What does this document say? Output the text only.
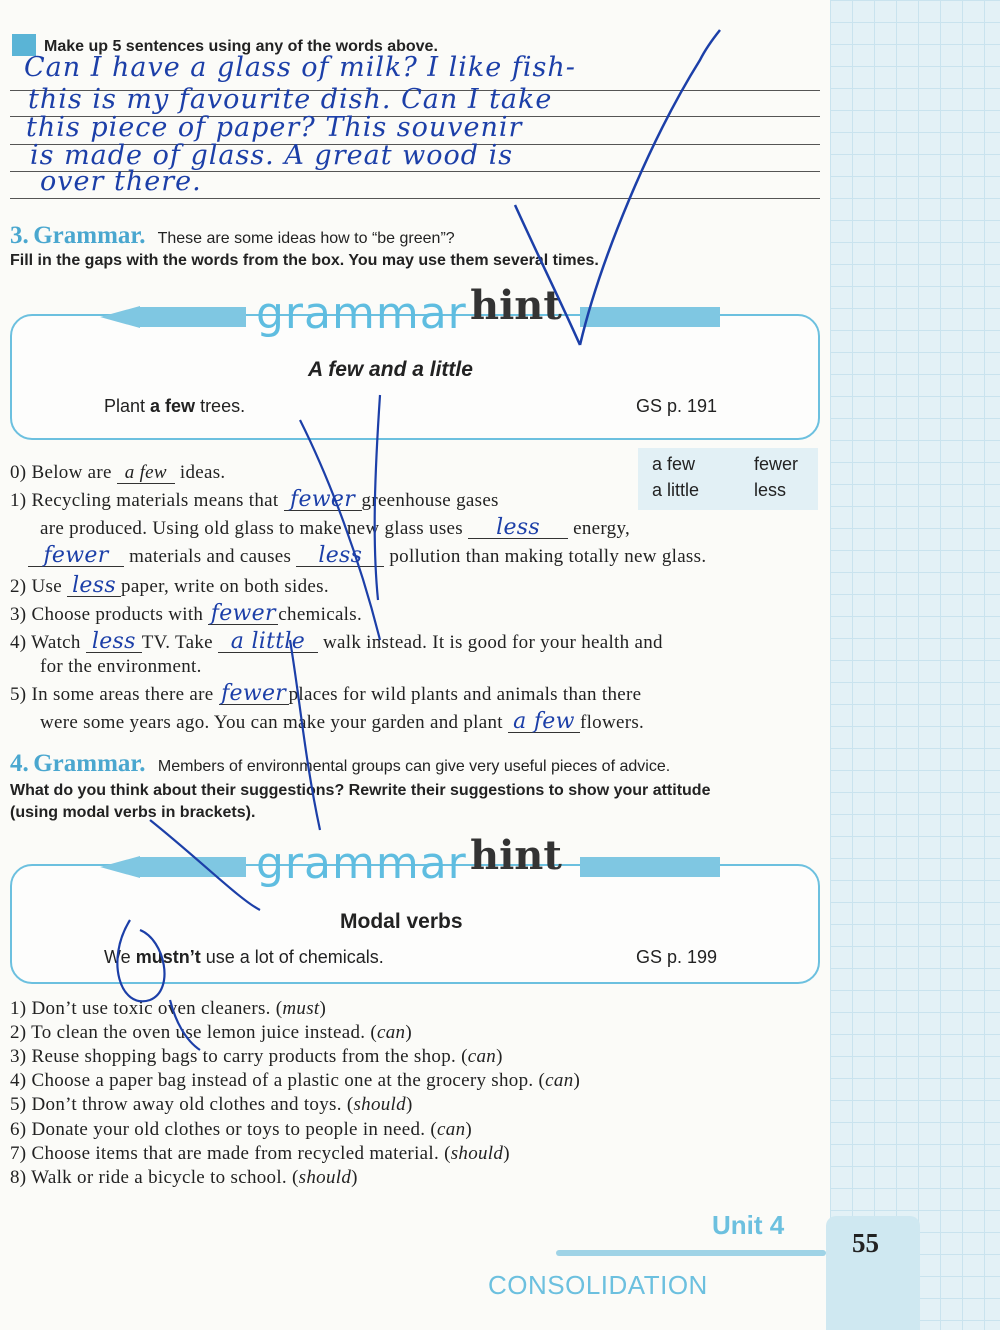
Make up 5 sentences using any of the words above.
Can I have a glass of milk? I like fish-
this is my favourite dish. Can I take
this piece of paper? This souvenir
is made of glass. A great wood is
over there.
3. Grammar. These are some ideas how to “be green”?
Fill in the gaps with the words from the box. You may use them several times.
grammar hint
A few and a little
Plant a few trees.	GS p. 191
a few	fewer
a little	less
0) Below are a few ideas.
1) Recycling materials means that fewer greenhouse gases
are produced. Using old glass to make new glass uses less energy,
fewer materials and causes less pollution than making totally new glass.
2) Use less paper, write on both sides.
3) Choose products with fewer chemicals.
4) Watch less TV. Take a little walk instead. It is good for your health and
for the environment.
5) In some areas there are fewer places for wild plants and animals than there
were some years ago. You can make your garden and plant a few flowers.
4. Grammar. Members of environmental groups can give very useful pieces of advice.
What do you think about their suggestions? Rewrite their suggestions to show your attitude
(using modal verbs in brackets).
grammar hint
Modal verbs
We mustn’t use a lot of chemicals.	GS p. 199
1) Don’t use toxic oven cleaners. (must)
2) To clean the oven use lemon juice instead. (can)
3) Reuse shopping bags to carry products from the shop. (can)
4) Choose a paper bag instead of a plastic one at the grocery shop. (can)
5) Don’t throw away old clothes and toys. (should)
6) Donate your old clothes or toys to people in need. (can)
7) Choose items that are made from recycled material. (should)
8) Walk or ride a bicycle to school. (should)
Unit 4
CONSOLIDATION
55
